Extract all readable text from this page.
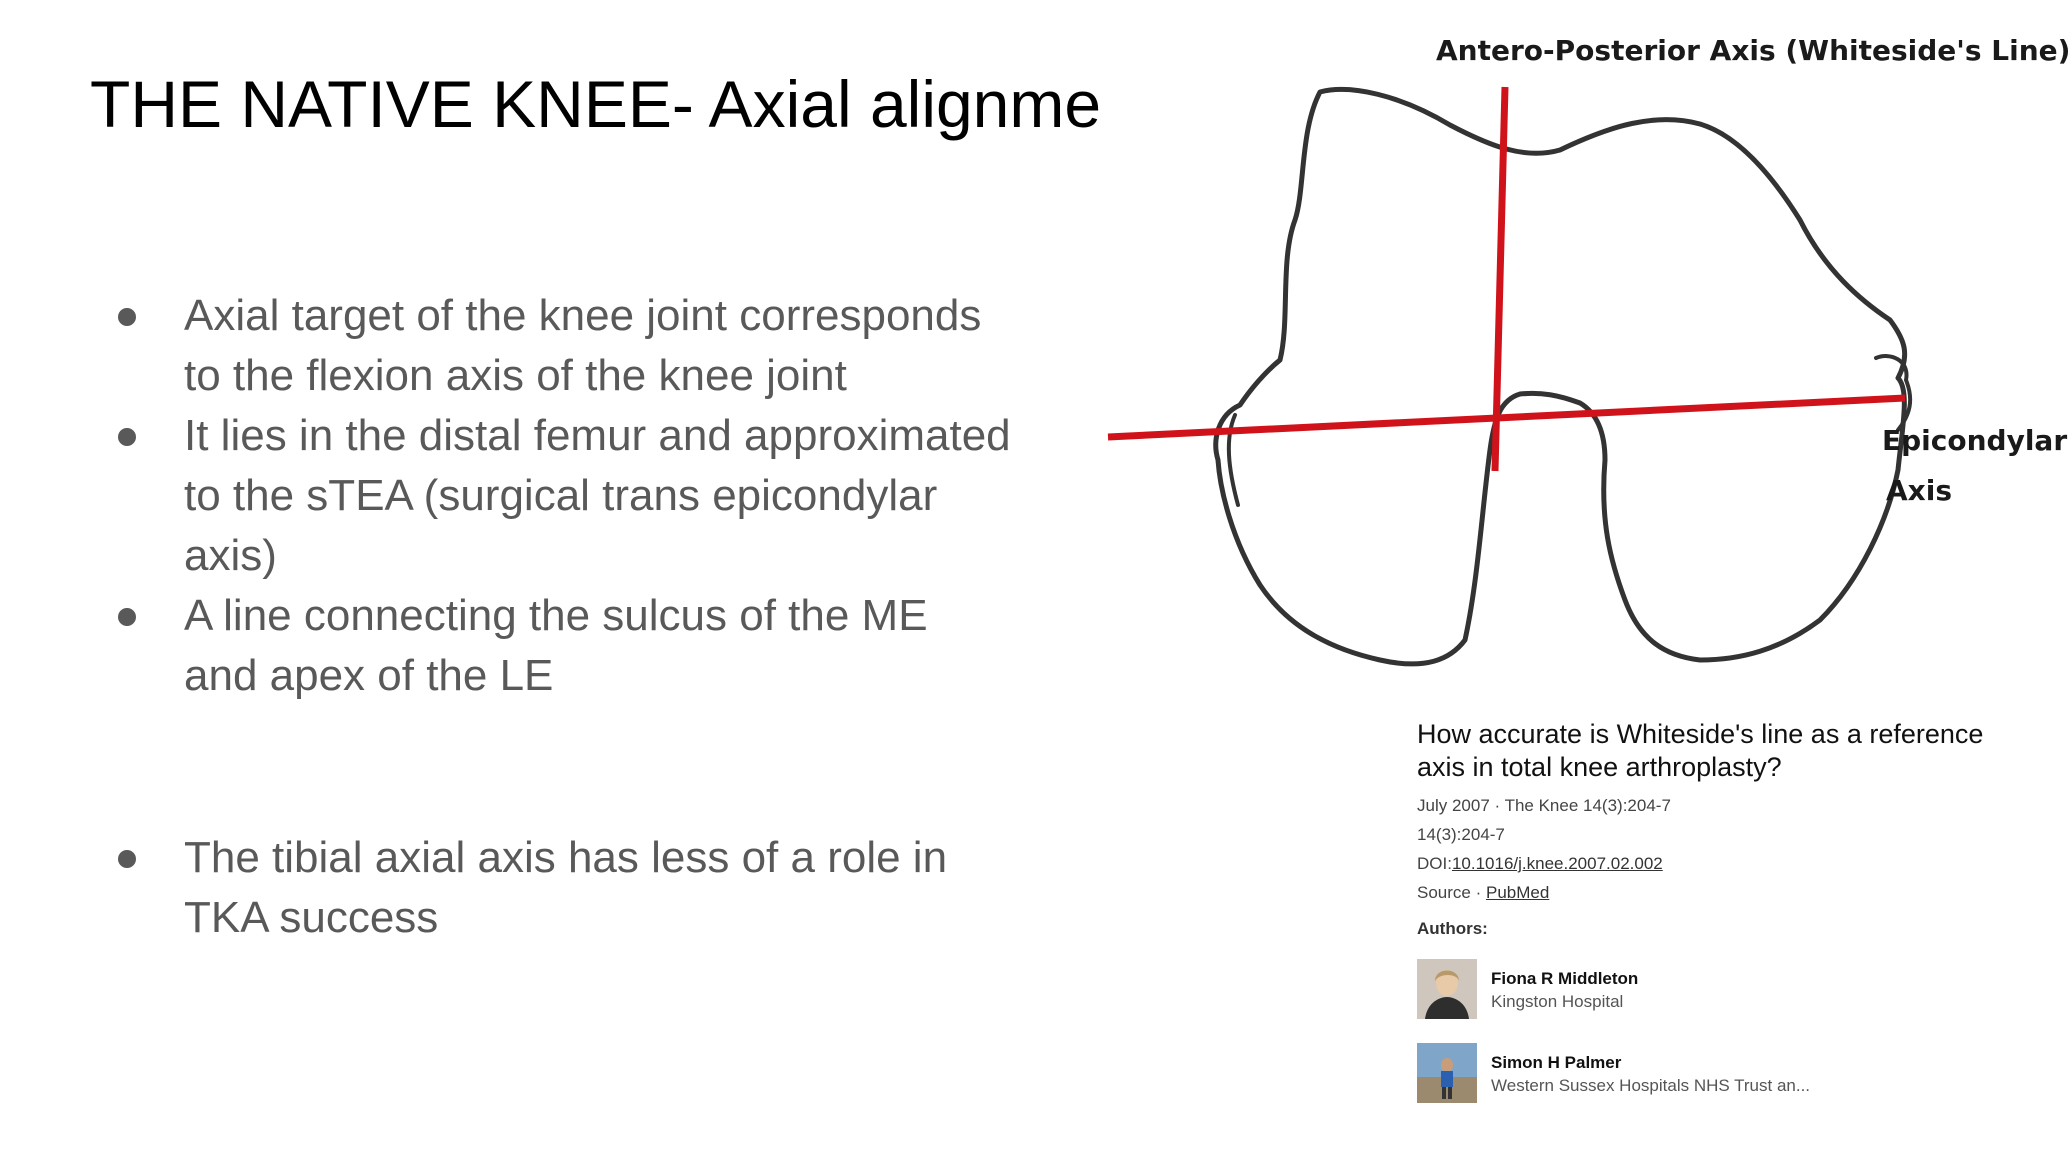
THE NATIVE KNEE- Axial alignme
Axial target of the knee joint corresponds to the flexion axis of the knee joint
It lies in the distal femur and approximated to the sTEA (surgical trans epicondylar axis)
A line connecting the sulcus of the ME and apex of the LE
The tibial axial axis has less of a role in TKA success
Antero-Posterior Axis (Whiteside's Line)
Epicondylar
Axis
How accurate is Whiteside's line as a reference axis in total knee arthroplasty?
July 2007 · The Knee 14(3):204-7
14(3):204-7
DOI:10.1016/j.knee.2007.02.002
Source · PubMed
Authors:
Fiona R Middleton
Kingston Hospital
Simon H Palmer
Western Sussex Hospitals NHS Trust an...
